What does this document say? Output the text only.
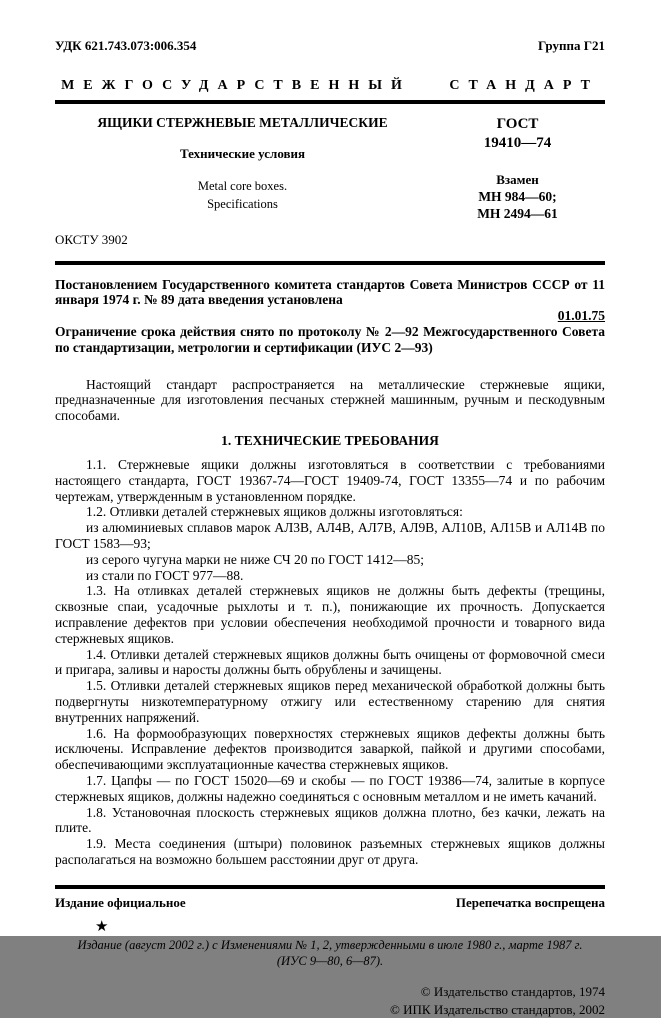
УДК 621.743.073:006.354	Группа Г21
МЕЖГОСУДАРСТВЕННЫЙ СТАНДАРТ
ЯЩИКИ СТЕРЖНЕВЫЕ МЕТАЛЛИЧЕСКИЕ
Технические условия
Metal core boxes.
Specifications
ГОСТ
19410—74
Взамен
МН 984—60;
МН 2494—61
ОКСТУ 3902

Постановлением Государственного комитета стандартов Совета Министров СССР от 11 января 1974 г. № 89 дата введения установлена

01.01.75

Ограничение срока действия снято по протоколу № 2—92 Межгосударственного Совета по стандартизации, метрологии и сертификации (ИУС 2—93)

Настоящий стандарт распространяется на металлические стержневые ящики, предназначенные для изготовления песчаных стержней машинным, ручным и пескодувным способами.

1. ТЕХНИЧЕСКИЕ ТРЕБОВАНИЯ

1.1. Стержневые ящики должны изготовляться в соответствии с требованиями настоящего стандарта, ГОСТ 19367-74—ГОСТ 19409-74, ГОСТ 13355—74 и по рабочим чертежам, утвержденным в установленном порядке.

1.2. Отливки деталей стержневых ящиков должны изготовляться:

из алюминиевых сплавов марок АЛ3В, АЛ4В, АЛ7В, АЛ9В, АЛ10В, АЛ15В и АЛ14В по ГОСТ 1583—93;

из серого чугуна марки не ниже СЧ 20 по ГОСТ 1412—85;

из стали по ГОСТ 977—88.

1.3. На отливках деталей стержневых ящиков не должны быть дефекты (трещины, сквозные спаи, усадочные рыхлоты и т. п.), понижающие их прочность. Допускается исправление дефектов при условии обеспечения необходимой прочности и товарного вида стержневых ящиков.

1.4. Отливки деталей стержневых ящиков должны быть очищены от формовочной смеси и пригара, заливы и наросты должны быть обрублены и зачищены.

1.5. Отливки деталей стержневых ящиков перед механической обработкой должны быть подвергнуты низкотемпературному отжигу или естественному старению для снятия внутренних напряжений.

1.6. На формообразующих поверхностях стержневых ящиков дефекты должны быть исключены. Исправление дефектов производится заваркой, пайкой и другими способами, обеспечивающими эксплуатационные качества стержневых ящиков.

1.7. Цапфы — по ГОСТ 15020—69 и скобы — по ГОСТ 19386—74, залитые в корпусе стержневых ящиков, должны надежно соединяться с основным металлом и не иметь качаний.

1.8. Установочная плоскость стержневых ящиков должна плотно, без качки, лежать на плите.

1.9. Места соединения (штыри) половинок разъемных стержневых ящиков должны располагаться на возможно большем расстоянии друг от друга.

Издание официальное	Перепечатка воспрещена
★
Издание (август 2002 г.) с Изменениями № 1, 2, утвержденными в июле 1980 г., марте 1987 г.
(ИУС 9—80, 6—87).
© Издательство стандартов, 1974
© ИПК Издательство стандартов, 2002
